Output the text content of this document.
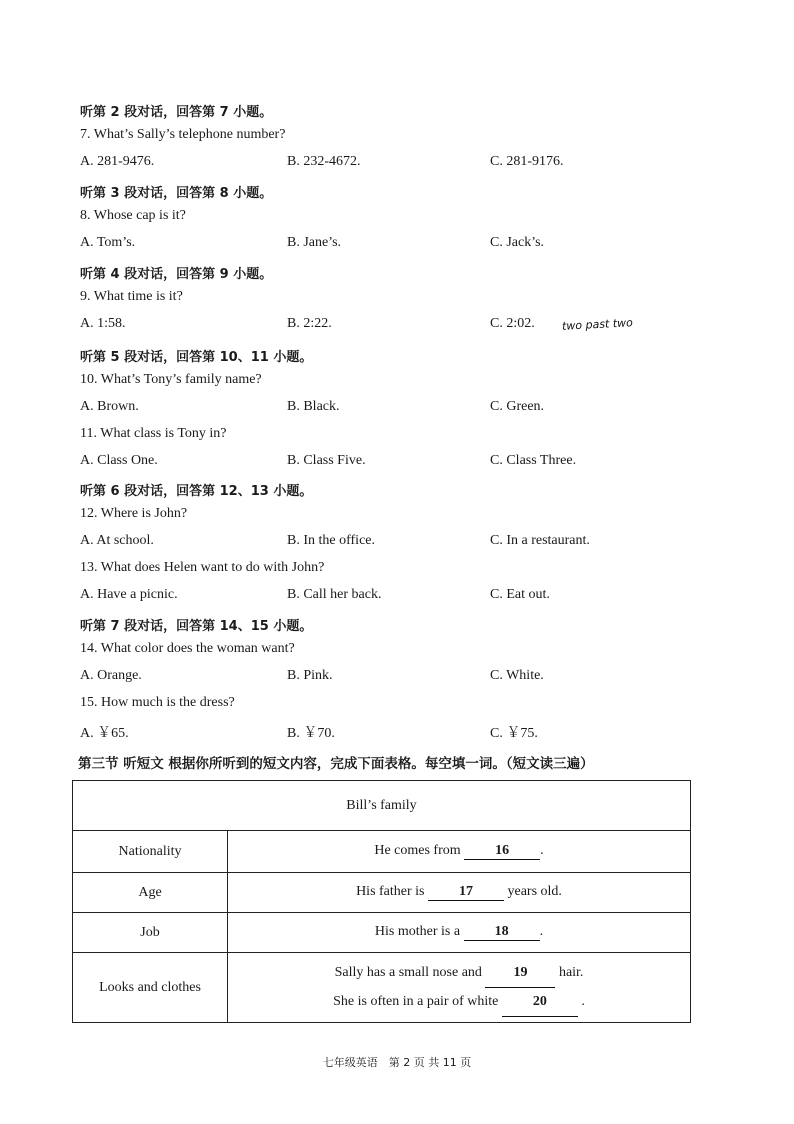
听第 2 段对话，回答第 7 小题。
7. What’s Sally’s telephone number?
A. 281-9476.	B. 232-4672.	C. 281-9176.
听第 3 段对话，回答第 8 小题。
8. Whose cap is it?
A. Tom’s.	B. Jane’s.	C. Jack’s.
听第 4 段对话，回答第 9 小题。
9. What time is it?
A. 1:58.	B. 2:22.	C. 2:02.
听第 5 段对话，回答第 10、11 小题。
10. What’s Tony’s family name?
A. Brown.	B. Black.	C. Green.
11. What class is Tony in?
A. Class One.	B. Class Five.	C. Class Three.
听第 6 段对话，回答第 12、13 小题。
12. Where is John?
A. At school.	B. In the office.	C. In a restaurant.
13. What does Helen want to do with John?
A. Have a picnic.	B. Call her back.	C. Eat out.
听第 7 段对话，回答第 14、15 小题。
14. What color does the woman want?
A. Orange.	B. Pink.	C. White.
15. How much is the dress?
A. ￥65.	B. ￥70.	C. ￥75.
two past two
第三节 听短文 根据你所听到的短文内容，完成下面表格。每空填一词。（短文读三遍）
Bill’s family	
Nationality	He comes from 16 .
Age	His father is 17 years old.
Job	His mother is a 18 .
Looks and clothes	Sally has a small nose and 19 hair.
She is often in a pair of white 20 .
七年级英语　第 2 页 共 11 页
